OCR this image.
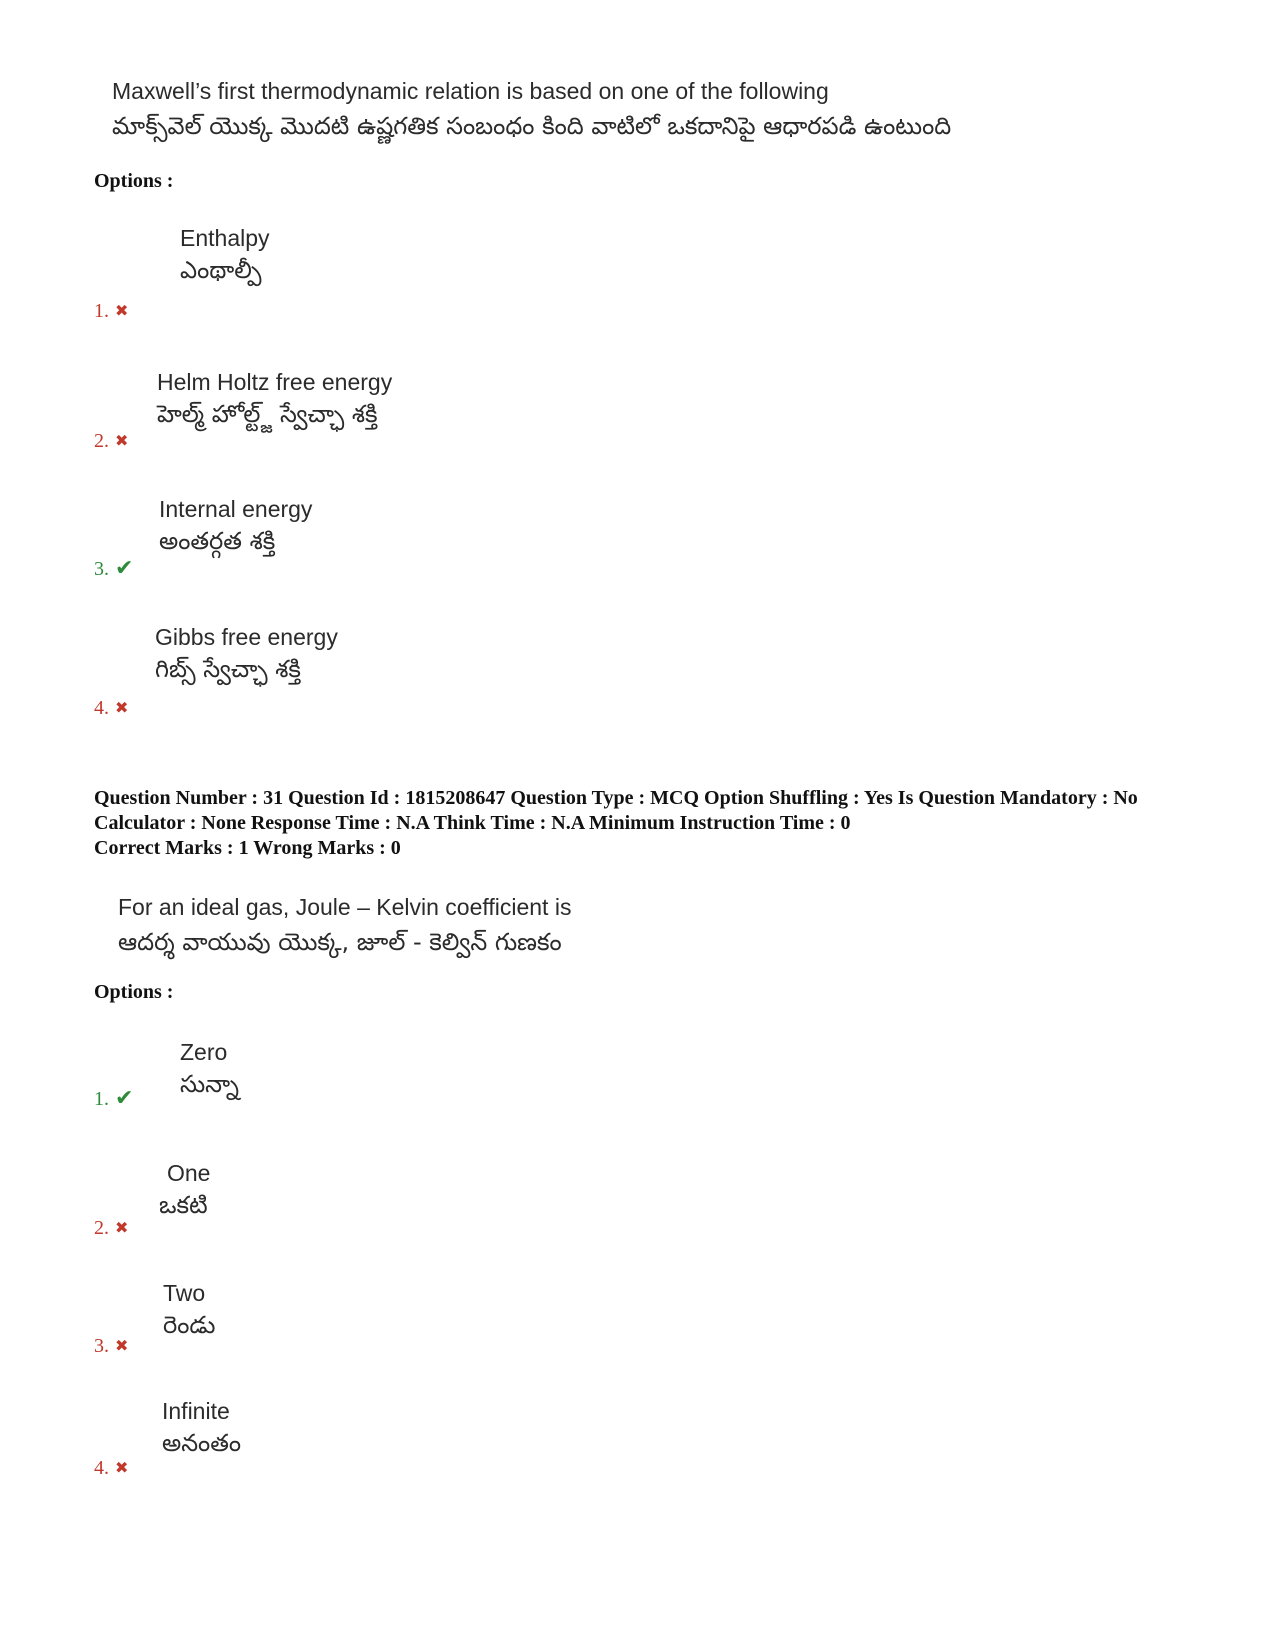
Maxwell’s first thermodynamic relation is based on one of the following
మాక్స్‌వెల్ యొక్క మొదటి ఉష్ణగతిక సంబంధం కింది వాటిలో ఒకదానిపై ఆధారపడి ఉంటుంది
Options :
Enthalpy
ఎంథాల్పీ
1. ✖
Helm Holtz free energy
హెల్మ్ హోల్ట్జ్ స్వేచ్ఛా శక్తి
2. ✖
Internal energy
అంతర్గత శక్తి
3. ✔
Gibbs free energy
గిబ్స్ స్వేచ్ఛా శక్తి
4. ✖
Question Number : 31 Question Id : 1815208647 Question Type : MCQ Option Shuffling : Yes Is Question Mandatory : No Calculator : None Response Time : N.A Think Time : N.A Minimum Instruction Time : 0
Correct Marks : 1 Wrong Marks : 0
For an ideal gas, Joule – Kelvin coefficient is
ఆదర్శ వాయువు యొక్క, జూల్ - కెల్విన్ గుణకం
Options :
Zero
సున్నా
1. ✔
One
ఒకటి
2. ✖
Two
రెండు
3. ✖
Infinite
అనంతం
4. ✖
